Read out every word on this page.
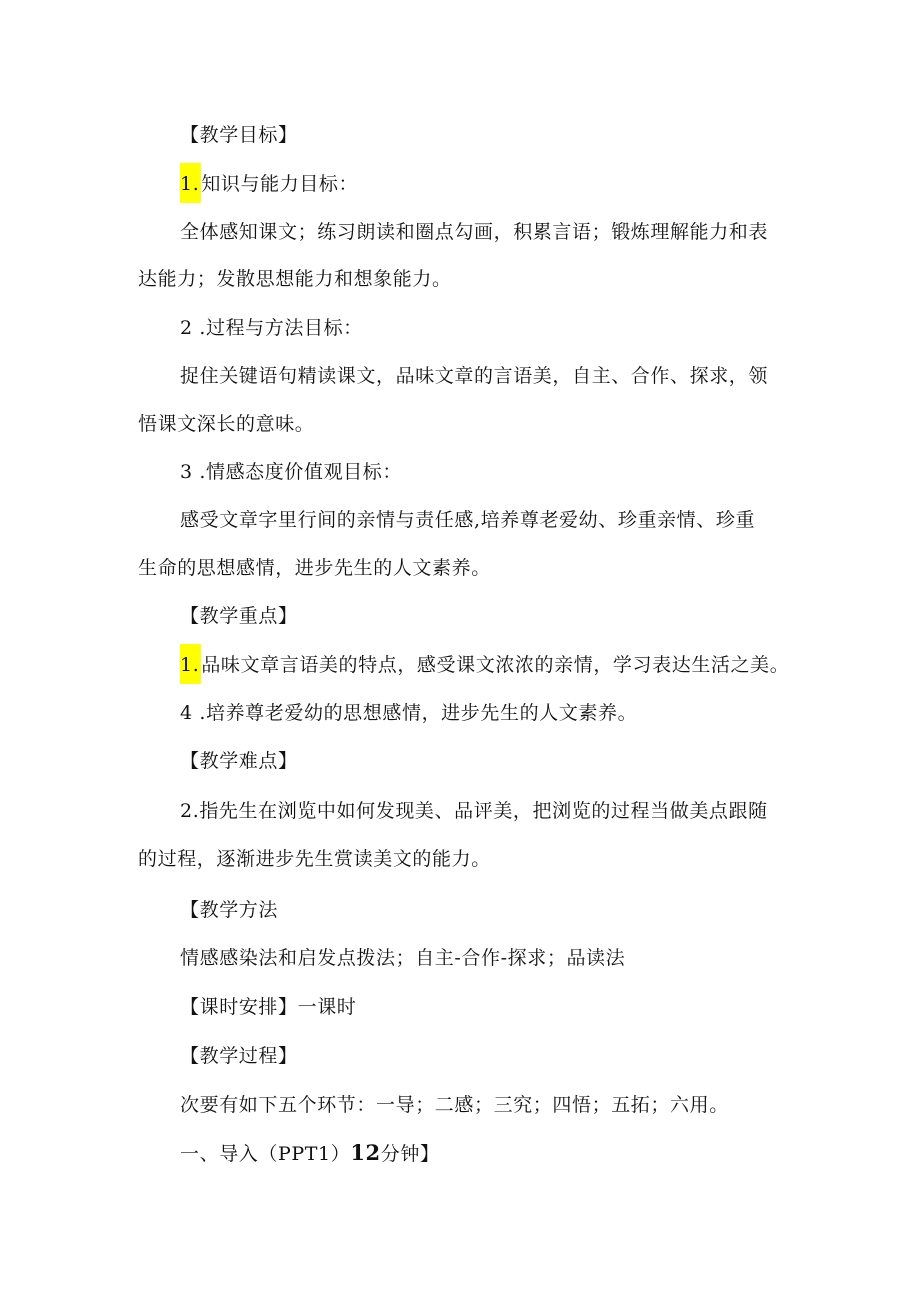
【教学目标】
1. 知识与能力目标：
全体感知课文；练习朗读和圈点勾画，积累言语；锻炼理解能力和表
达能力；发散思想能力和想象能力。
2 .过程与方法目标：
捉住关键语句精读课文，品味文章的言语美，自主、合作、探求，领
悟课文深长的意味。
3 .情感态度价值观目标：
感受文章字里行间的亲情与责任感,培养尊老爱幼、珍重亲情、珍重
生命的思想感情，进步先生的人文素养。
【教学重点】
1. 品味文章言语美的特点，感受课文浓浓的亲情，学习表达生活之美。
4 .培养尊老爱幼的思想感情，进步先生的人文素养。
【教学难点】
2.指先生在浏览中如何发现美、品评美，把浏览的过程当做美点跟随
的过程，逐渐进步先生赏读美文的能力。
【教学方法
情感感染法和启发点拨法；自主-合作-探求；品读法
【课时安排】一课时
【教学过程】
次要有如下五个环节：一导；二感；三究；四悟；五拓；六用。
一、导入（PPT1）12分钟】
